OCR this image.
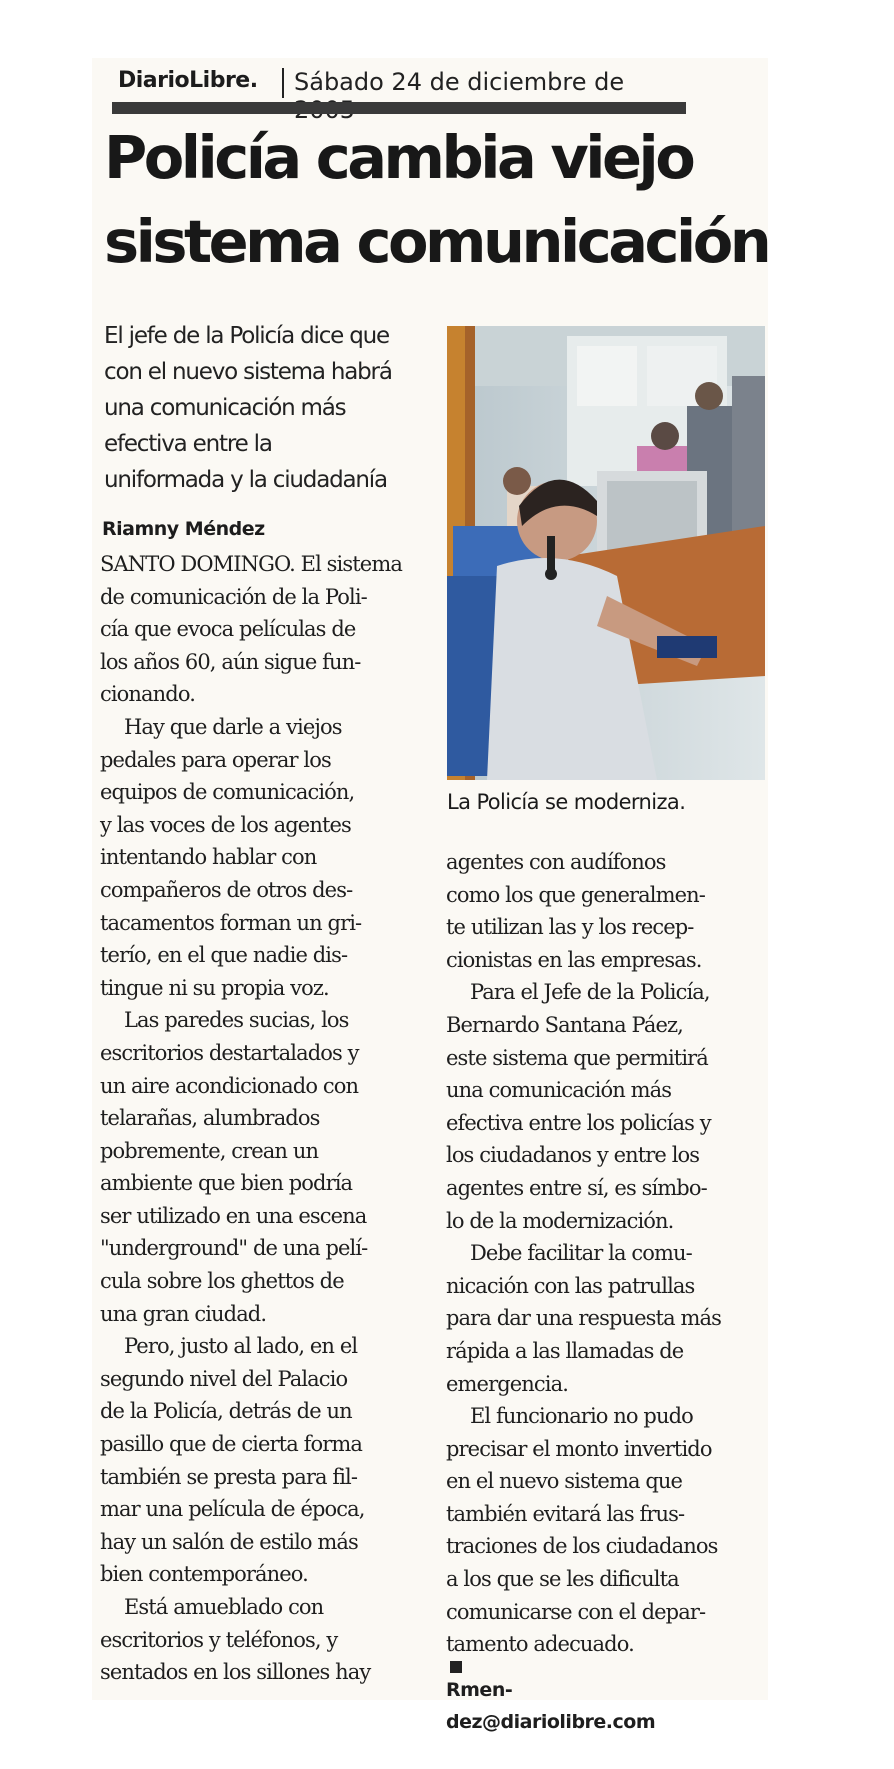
DiarioLibre. Sábado 24 de diciembre de
Policía cambia viejo
sistema comunicación
El jefe de la Policía dice que
con el nuevo sistema habrá
una comunicación más
efectiva entre la
uniformada y la ciudadanía
Riamny Méndez
SANTO DOMINGO. El sistema
de comunicación de la Poli-
cía que evoca películas de
los años 60, aún sigue fun-
cionando.
Hay que darle a viejos
pedales para operar los
equipos de comunicación,
y las voces de los agentes
intentando hablar con
compañeros de otros des-
tacamentos forman un gri-
terío, en el que nadie dis-
tingue ni su propia voz.
Las paredes sucias, los
escritorios destartalados y
un aire acondicionado con
telarañas, alumbrados
pobremente, crean un
ambiente que bien podría
ser utilizado en una escena
"underground" de una pelí-
cula sobre los ghettos de
una gran ciudad.
Pero, justo al lado, en el
segundo nivel del Palacio
de la Policía, detrás de un
pasillo que de cierta forma
también se presta para fil-
mar una película de época,
hay un salón de estilo más
bien contemporáneo.
Está amueblado con
escritorios y teléfonos, y
sentados en los sillones hay
La Policía se moderniza.
agentes con audífonos
como los que generalmen-
te utilizan las y los recep-
cionistas en las empresas.
Para el Jefe de la Policía,
Bernardo Santana Páez,
este sistema que permitirá
una comunicación más
efectiva entre los policías y
los ciudadanos y entre los
agentes entre sí, es símbo-
lo de la modernización.
Debe facilitar la comu-
nicación con las patrullas
para dar una respuesta más
rápida a las llamadas de
emergencia.
El funcionario no pudo
precisar el monto invertido
en el nuevo sistema que
también evitará las frus-
traciones de los ciudadanos
a los que se les dificulta
comunicarse con el depar-
tamento adecuado.
Rmen-
dez@diariolibre.com
